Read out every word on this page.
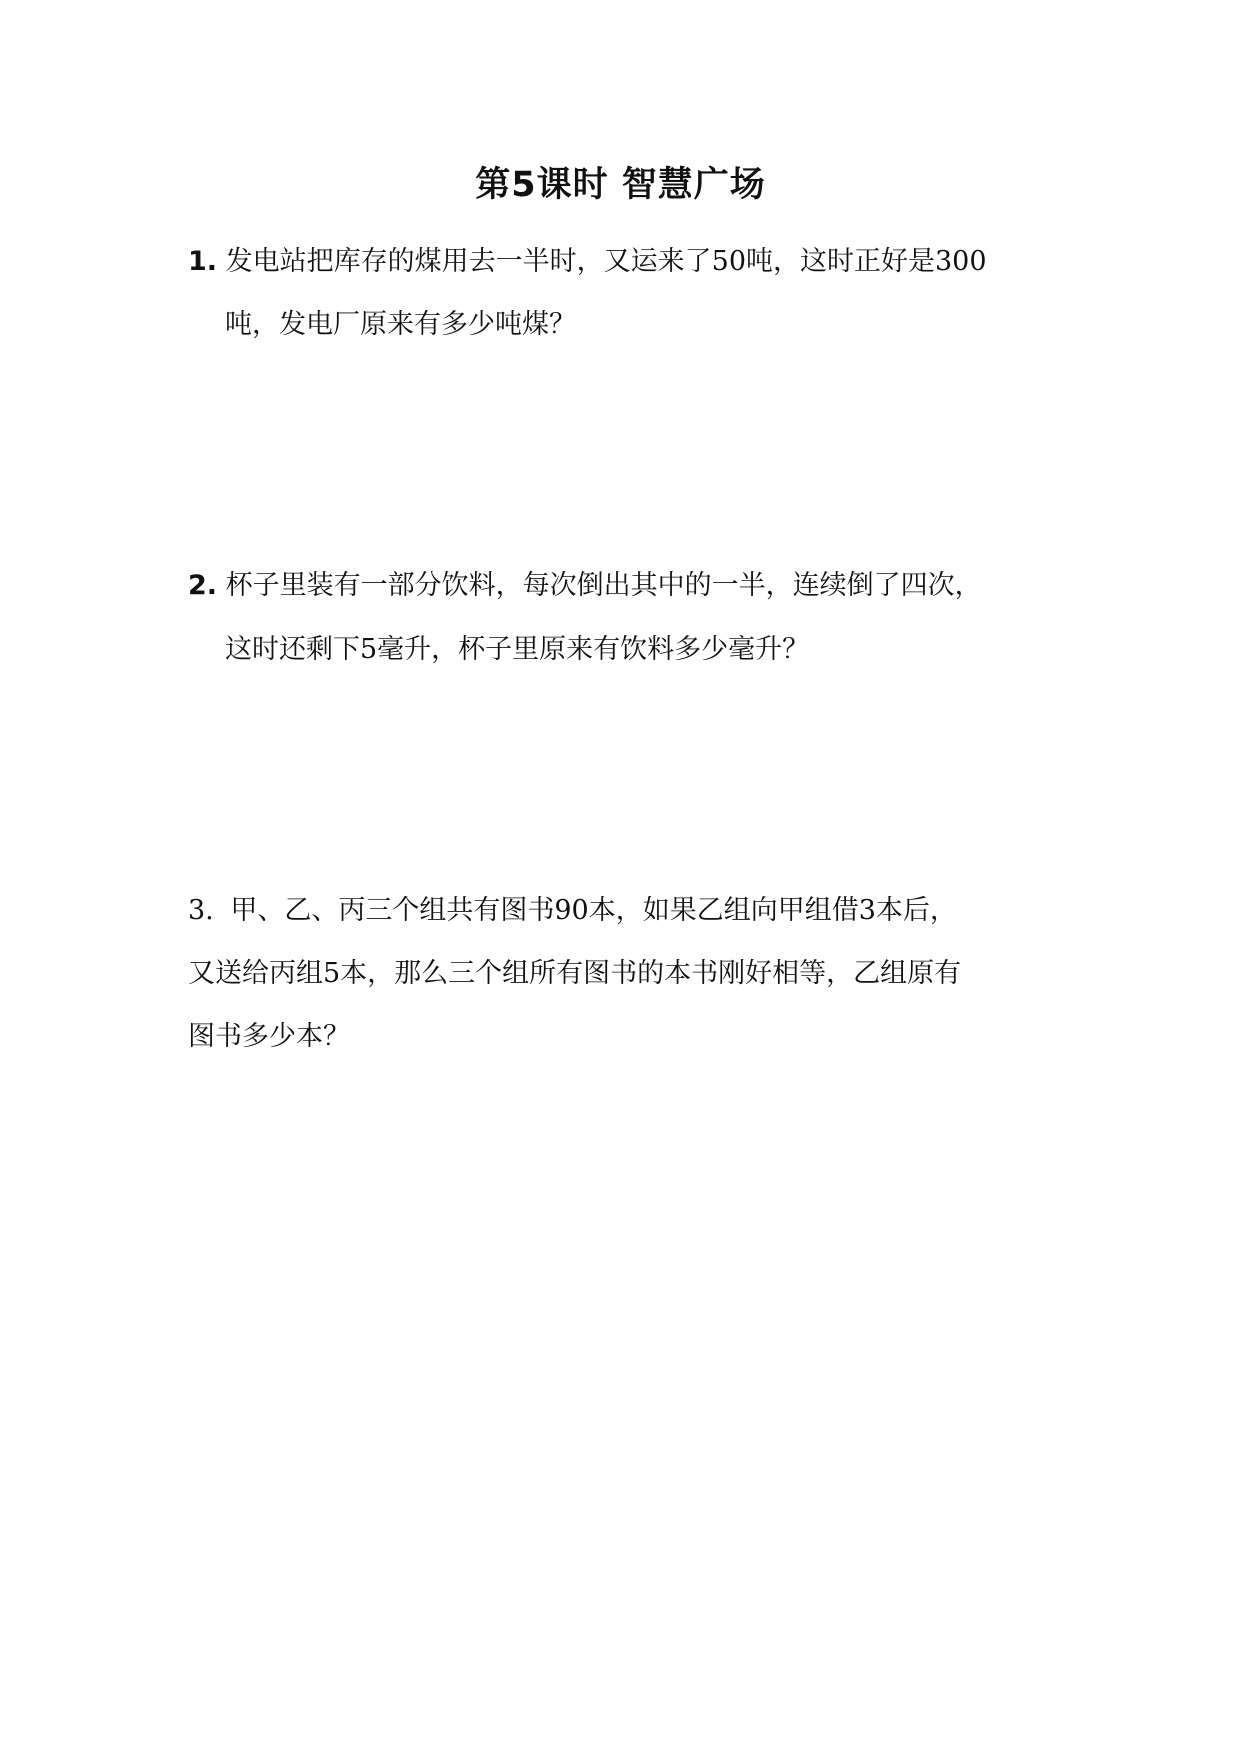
第5课时 智慧广场
1. 发电站把库存的煤用去一半时，又运来了50吨，这时正好是300
吨，发电厂原来有多少吨煤？
2. 杯子里装有一部分饮料，每次倒出其中的一半，连续倒了四次，
这时还剩下5毫升，杯子里原来有饮料多少毫升？
3. 甲、乙、丙三个组共有图书90本，如果乙组向甲组借3本后，
又送给丙组5本，那么三个组所有图书的本书刚好相等，乙组原有
图书多少本？
